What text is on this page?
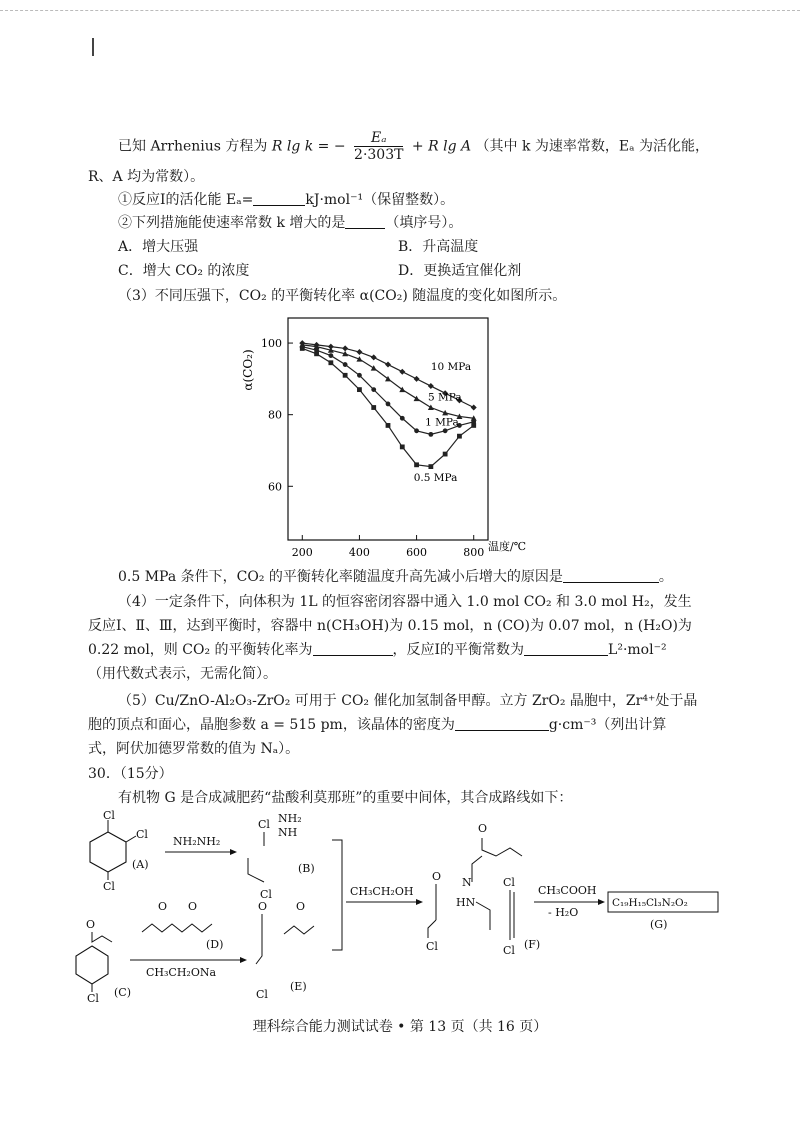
已知 Arrhenius 方程为 R lg k = − $\frac{\text{Eₐ}}{2\cdot 303T} + R$ lg A （其中 k 为速率常数，Eₐ 为活化能，
R、A 均为常数）。
①反应Ⅰ的活化能 Eₐ=	kJ·mol⁻¹（保留整数）。
②下列措施能使速率常数 k 增大的是	（填序号）。
A．增大压强	B．升高温度
C．增大 CO₂ 的浓度	D．更换适宜催化剂
（3）不同压强下，CO₂ 的平衡转化率 α(CO₂) 随温度的变化如图所示。
α(CO₂)
温度/℃
200	400	600	800
60
80
100
10 MPa
5 MPa
1 MPa
0.5 MPa
0.5 MPa 条件下，CO₂ 的平衡转化率随温度升高先减小后增大的原因是	。
（4）一定条件下，向体积为 1L 的恒容密闭容器中通入 1.0 mol CO₂ 和 3.0 mol H₂，发生
反应Ⅰ、Ⅱ、Ⅲ，达到平衡时，容器中 n(CH₃OH)为 0.15 mol，n (CO)为 0.07 mol，n (H₂O)为
0.22 mol，则 CO₂ 的平衡转化率为	，反应Ⅰ的平衡常数为	L²·mol⁻²
（用代数式表示，无需化简）。
（5）Cu/ZnO-Al₂O₃-ZrO₂ 可用于 CO₂ 催化加氢制备甲醇。立方 ZrO₂ 晶胞中，Zr⁴⁺处于晶
胞的顶点和面心，晶胞参数 a = 515 pm，该晶体的密度为	g·cm⁻³（列出计算
式，阿伏加德罗常数的值为 Nₐ）。
30．（15分）
有机物 G 是合成减肥药“盐酸利莫那班”的重要中间体，其合成路线如下：
Cl
Cl
Cl
(A)
NH₂NH₂
Cl NH₂
NH
Cl
(B)
CH₃CH₂OH
O
Cl
O
N
HN
Cl
Cl (F)
CH₃COOH
- H₂O
O
Cl (C)
O O
(D)
CH₃CH₂ONa
O	O
Cl
(E)
C₁₉H₁₅Cl₃N₂O₂
(G)
理科综合能力测试试卷 • 第 13 页（共 16 页）
